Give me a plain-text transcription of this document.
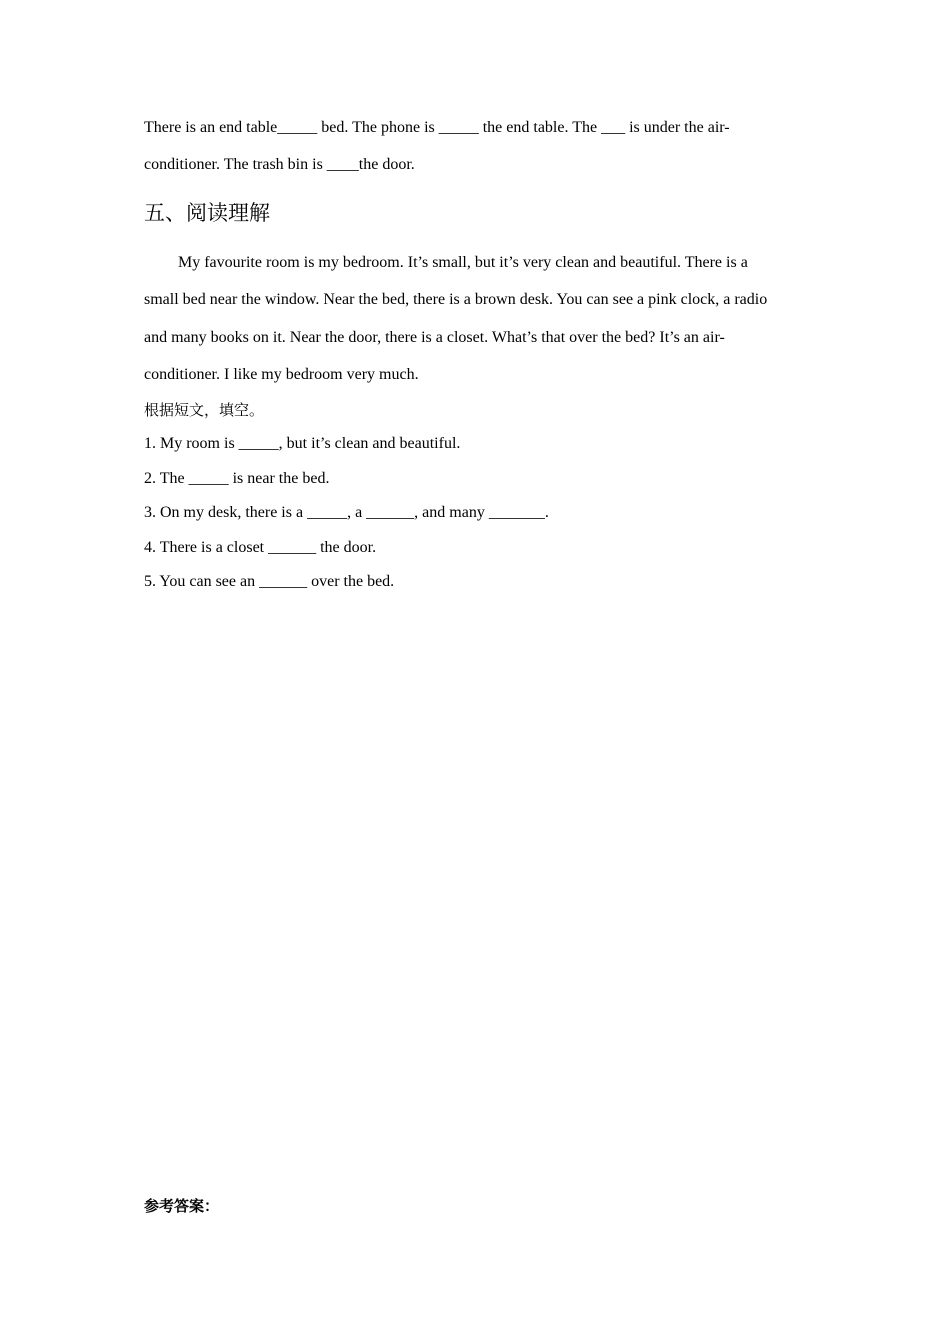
There is an end table_____ bed. The phone is _____ the end table. The ___ is under the air-
conditioner. The trash bin is ____the door.
五、阅读理解
My favourite room is my bedroom. It’s small, but it’s very clean and beautiful. There is a
small bed near the window. Near the bed, there is a brown desk. You can see a pink clock, a radio
and many books on it. Near the door, there is a closet. What’s that over the bed? It’s an air-
conditioner. I like my bedroom very much.
根据短文，填空。
1. My room is _____, but it’s clean and beautiful.
2. The _____ is near the bed.
3. On my desk, there is a _____, a ______, and many _______.
4. There is a closet ______ the door.
5. You can see an ______ over the bed.
参考答案：
